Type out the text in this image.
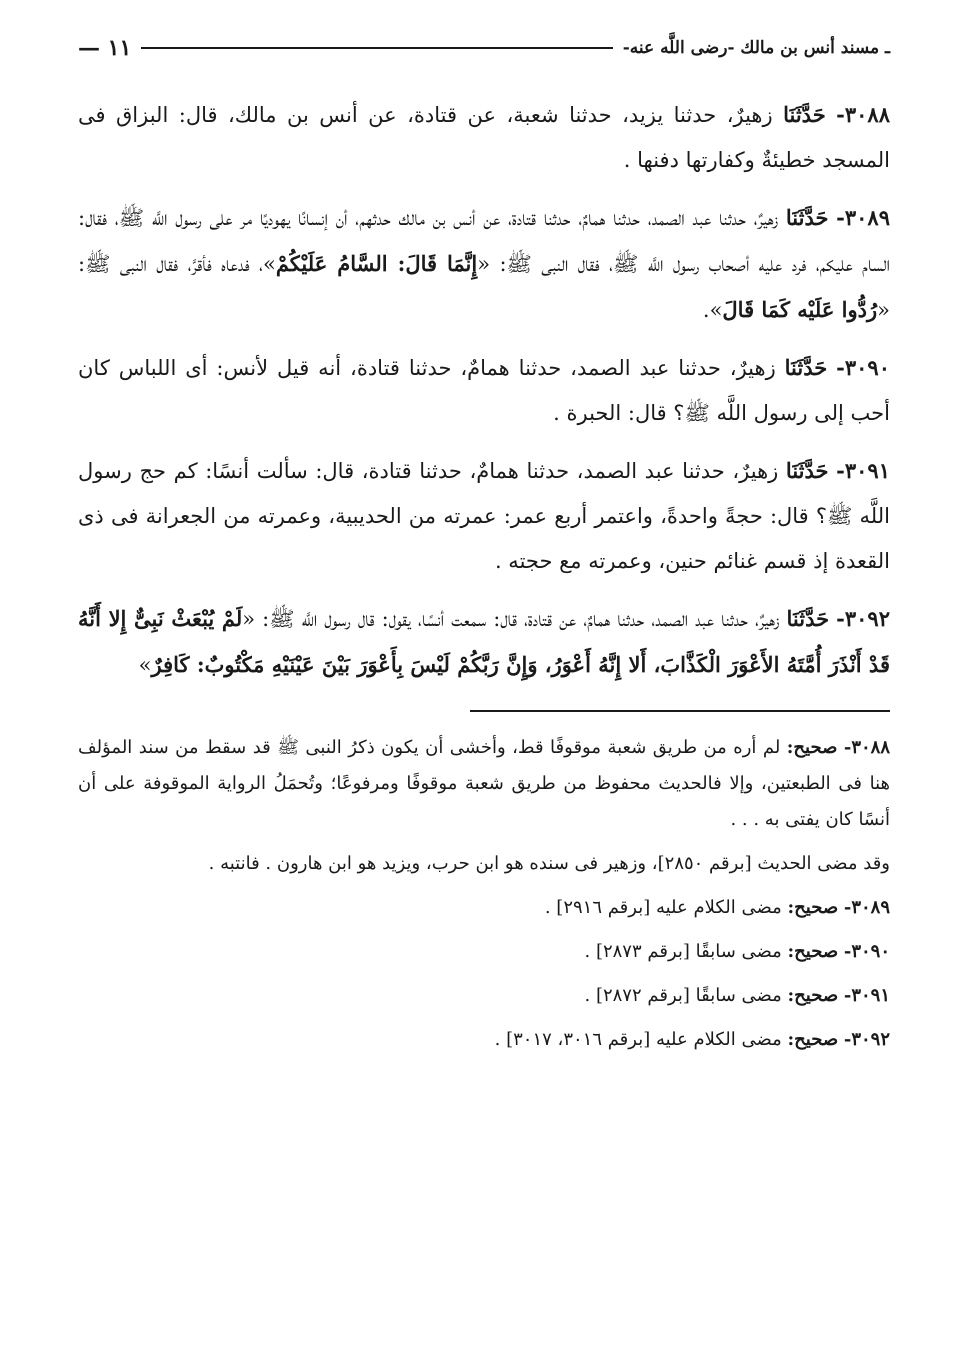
ـ مسند أنس بن مالك -رضى اللَّه عنه-
١١ —

٣٠٨٨- حَدَّثَنَا زهيرٌ، حدثنا يزيد، حدثنا شعبة، عن قتادة، عن أنس بن مالك، قال: البزاق فى المسجد خطيئةٌ وكفارتها دفنها .

٣٠٨٩- حَدَّثَنَا زهيرٌ، حدثنا عبد الصمد، حدثنا همامٌ، حدثنا قتادة، عن أنس بن مالك حدثهم، أن إنسانًا يهوديًا مر على رسول اللَّه ﷺ، فقال: السام عليكم، فرد عليه أصحاب رسول اللَّه ﷺ، فقال النبى ﷺ: «إِنَّمَا قَالَ: السَّامُ عَلَيْكُمْ»، فدعاه فأقرَّ، فقال النبى ﷺ: «رُدُّوا عَلَيْه كَمَا قَالَ».

٣٠٩٠- حَدَّثَنَا زهيرٌ، حدثنا عبد الصمد، حدثنا همامٌ، حدثنا قتادة، أنه قيل لأنس: أى اللباس كان أحب إلى رسول اللَّه ﷺ؟ قال: الحبرة .

٣٠٩١- حَدَّثَنَا زهيرٌ، حدثنا عبد الصمد، حدثنا همامٌ، حدثنا قتادة، قال: سألت أنسًا: كم حج رسول اللَّه ﷺ؟ قال: حجةً واحدةً، واعتمر أربع عمر: عمرته من الحديبية، وعمرته من الجعرانة فى ذى القعدة إذ قسم غنائم حنين، وعمرته مع حجته .

٣٠٩٢- حَدَّثَنَا زهيرٌ، حدثنا عبد الصمد، حدثنا همامٌ، عن قتادة، قال: سمعت أنسًا، يقول: قال رسول اللَّه ﷺ: «لَمْ يُبْعَثْ نَبِىٌّ إِلا أَنَّهُ قَدْ أَنْذَرَ أُمَّتَهُ الأَعْوَرَ الْكَذَّابَ، أَلا إِنَّهُ أَعْوَرُ، وَإِنَّ رَبَّكُمْ لَيْسَ بِأَعْوَرَ بَيْنَ عَيْنَيْهِ مَكْتُوبٌ: كَافِرٌ»

٣٠٨٨- صحيح: لم أره من طريق شعبة موقوفًا قط، وأخشى أن يكون ذكرُ النبى ﷺ قد سقط من سند المؤلف هنا فى الطبعتين، وإلا فالحديث محفوظ من طريق شعبة موقوفًا ومرفوعًا؛ وتُحمَلُ الرواية الموقوفة على أن أنسًا كان يفتى به . . .

وقد مضى الحديث [برقم ٢٨٥٠]، وزهير فى سنده هو ابن حرب، ويزيد هو ابن هارون . فانتبه .

٣٠٨٩- صحيح: مضى الكلام عليه [برقم ٢٩١٦] .

٣٠٩٠- صحيح: مضى سابقًا [برقم ٢٨٧٣] .

٣٠٩١- صحيح: مضى سابقًا [برقم ٢٨٧٢] .

٣٠٩٢- صحيح: مضى الكلام عليه [برقم ٣٠١٦، ٣٠١٧] .
